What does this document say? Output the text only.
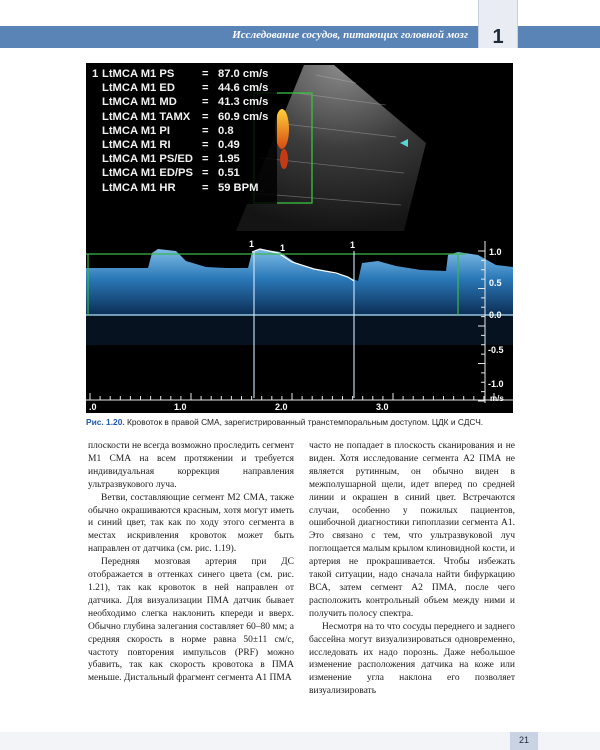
Исследование сосудов, питающих головной мозг	1
1 LtMCA M1 PS	= 87.0 cm/s
LtMCA M1 ED	= 44.6 cm/s
LtMCA M1 MD	= 41.3 cm/s
LtMCA M1 TAMX	= 60.9 cm/s
LtMCA M1 PI	= 0.8
LtMCA M1 RI	= 0.49
LtMCA M1 PS/ED = 1.95
LtMCA M1 ED/PS = 0.51
LtMCA M1 HR	= 59 BPM
1	1	1
1.0
0.5
0.0
-0.5
-1.0
m/s
.0	1.0	2.0	3.0
Рис. 1.20. Кровоток в правой СМА, зарегистрированный транстемпоральным доступом. ЦДК и СДСЧ.

плоскости не всегда возможно проследить сегмент М1 СМА на всем протяжении и требуется индивидуальная коррекция направления ультразвукового луча.

Ветви, составляющие сегмент М2 СМА, также обычно окрашиваются красным, хотя могут иметь и синий цвет, так как по ходу этого сегмента в местах искривления кровоток может быть направлен от датчика (см. рис. 1.19).

Передняя мозговая артерия при ДС отображается в оттенках синего цвета (см. рис. 1.21), так как кровоток в ней направлен от датчика. Для визуализации ПМА датчик бывает необходимо слегка наклонить кпереди и вверх. Обычно глубина залегания составляет 60–80 мм; а средняя скорость в норме равна 50±11 см/с, частоту повторения импульсов (PRF) можно убавить, так как скорость кровотока в ПМА меньше. Дистальный фрагмент сегмента А1 ПМА

часто не попадает в плоскость сканирования и не виден. Хотя исследование сегмента А2 ПМА не является рутинным, он обычно виден в межполушарной щели, идет вперед по средней линии и окрашен в синий цвет. Встречаются случаи, особенно у пожилых пациентов, ошибочной диагностики гипоплазии сегмента А1. Это связано с тем, что ультразвуковой луч поглощается малым крылом клиновидной кости, и артерия не прокрашивается. Чтобы избежать такой ситуации, надо сначала найти бифуркацию ВСА, затем сегмент А2 ПМА, после чего расположить контрольный объем между ними и получить полосу спектра.

Несмотря на то что сосуды переднего и заднего бассейна могут визуализироваться одновременно, исследовать их надо порознь. Даже небольшое изменение расположения датчика на коже или изменение угла наклона его позволяет визуализировать

21
